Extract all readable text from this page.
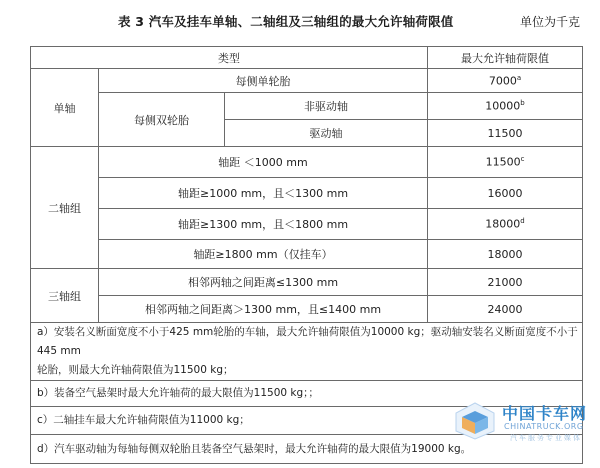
表 3 汽车及挂车单轴、二轴组及三轴组的最大允许轴荷限值	单位为千克
类型			最大允许轴荷限值
单轴	每侧单轮胎		7000$^a$
	每侧双轮胎	非驱动轴	10000$^b$
		驱动轴	11500
二轴组	轴距 ＜1000 mm		11500$^c$
	轴距≥1000 mm，且＜1300 mm		16000
	轴距≥1300 mm，且＜1800 mm		18000$^d$
	轴距≥1800 mm（仅挂车）		18000
三轴组	相邻两轴之间距离≤1300 mm		21000
	相邻两轴之间距离＞1300 mm，且≤1400 mm		24000
a）安装名义断面宽度不小于425 mm轮胎的车轴，最大允许轴荷限值为10000 kg；驱动轴安装名义断面宽度不小于445 mm
轮胎，则最大允许轴荷限值为11500 kg；			
b）装备空气悬架时最大允许轴荷的最大限值为11500 kg；；			
c）二轴挂车最大允许轴荷限值为11000 kg；			
d）汽车驱动轴为每轴每侧双轮胎且装备空气悬架时，最大允许轴荷的最大限值为19000 kg。			
中国卡车网
CHINATRUCK.ORG
汽车服务专业媒体
